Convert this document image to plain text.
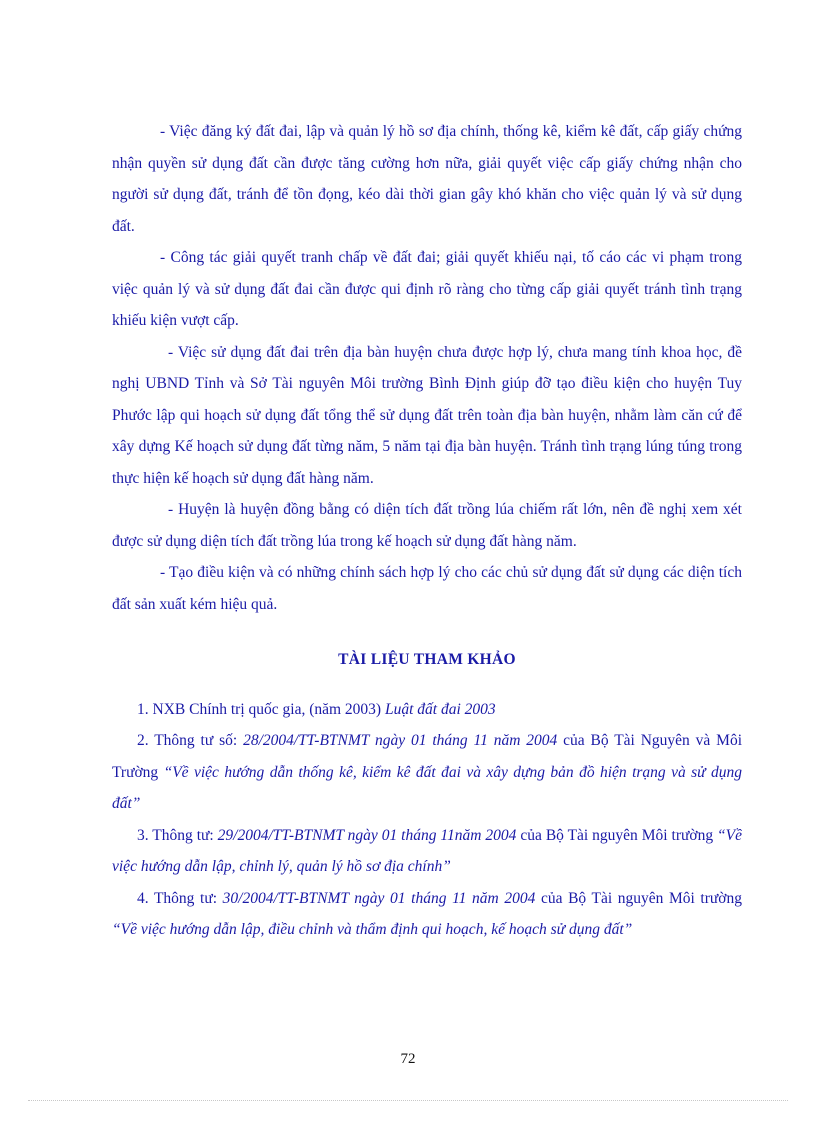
- Việc đăng ký đất đai, lập và quản lý hồ sơ địa chính, thống kê, kiểm kê đất, cấp giấy chứng nhận quyền sử dụng đất cần được tăng cường hơn nữa, giải quyết việc cấp giấy chứng nhận cho người sử dụng đất, tránh để tồn đọng, kéo dài thời gian gây khó khăn cho việc quản lý và sử dụng đất.

- Công tác giải quyết tranh chấp về đất đai; giải quyết khiếu nại, tố cáo các vi phạm trong việc quản lý và sử dụng đất đai cần được qui định rõ ràng cho từng cấp giải quyết tránh tình trạng khiếu kiện vượt cấp.

- Việc sử dụng đất đai trên địa bàn huyện chưa được hợp lý, chưa mang tính khoa học, đề nghị UBND Tỉnh và Sở Tài nguyên Môi trường Bình Định giúp đỡ tạo điều kiện cho huyện Tuy Phước lập qui hoạch sử dụng đất tổng thể sử dụng đất trên toàn địa bàn huyện, nhằm làm căn cứ để xây dựng Kế hoạch sử dụng đất từng năm, 5 năm tại địa bàn huyện. Tránh tình trạng lúng túng trong thực hiện kế hoạch sử dụng đất hàng năm.

- Huyện là huyện đồng bằng có diện tích đất trồng lúa chiếm rất lớn, nên đề nghị xem xét được sử dụng diện tích đất trồng lúa trong kế hoạch sử dụng đất hàng năm.

- Tạo điều kiện và có những chính sách hợp lý cho các chủ sử dụng đất sử dụng các diện tích đất sản xuất kém hiệu quả.

TÀI LIỆU THAM KHẢO

1. NXB Chính trị quốc gia, (năm 2003) Luật đất đai 2003

2. Thông tư số: 28/2004/TT-BTNMT ngày 01 tháng 11 năm 2004 của Bộ Tài Nguyên và Môi Trường “Về việc hướng dẫn thống kê, kiểm kê đất đai và xây dựng bản đồ hiện trạng và sử dụng đất”

3. Thông tư: 29/2004/TT-BTNMT ngày 01 tháng 11năm 2004 của Bộ Tài nguyên Môi trường “Về việc hướng dẫn lập, chỉnh lý, quản lý hồ sơ địa chính”

4. Thông tư: 30/2004/TT-BTNMT ngày 01 tháng 11 năm 2004 của Bộ Tài nguyên Môi trường “Về việc hướng dẫn lập, điều chỉnh và thẩm định qui hoạch, kế hoạch sử dụng đất”

72
